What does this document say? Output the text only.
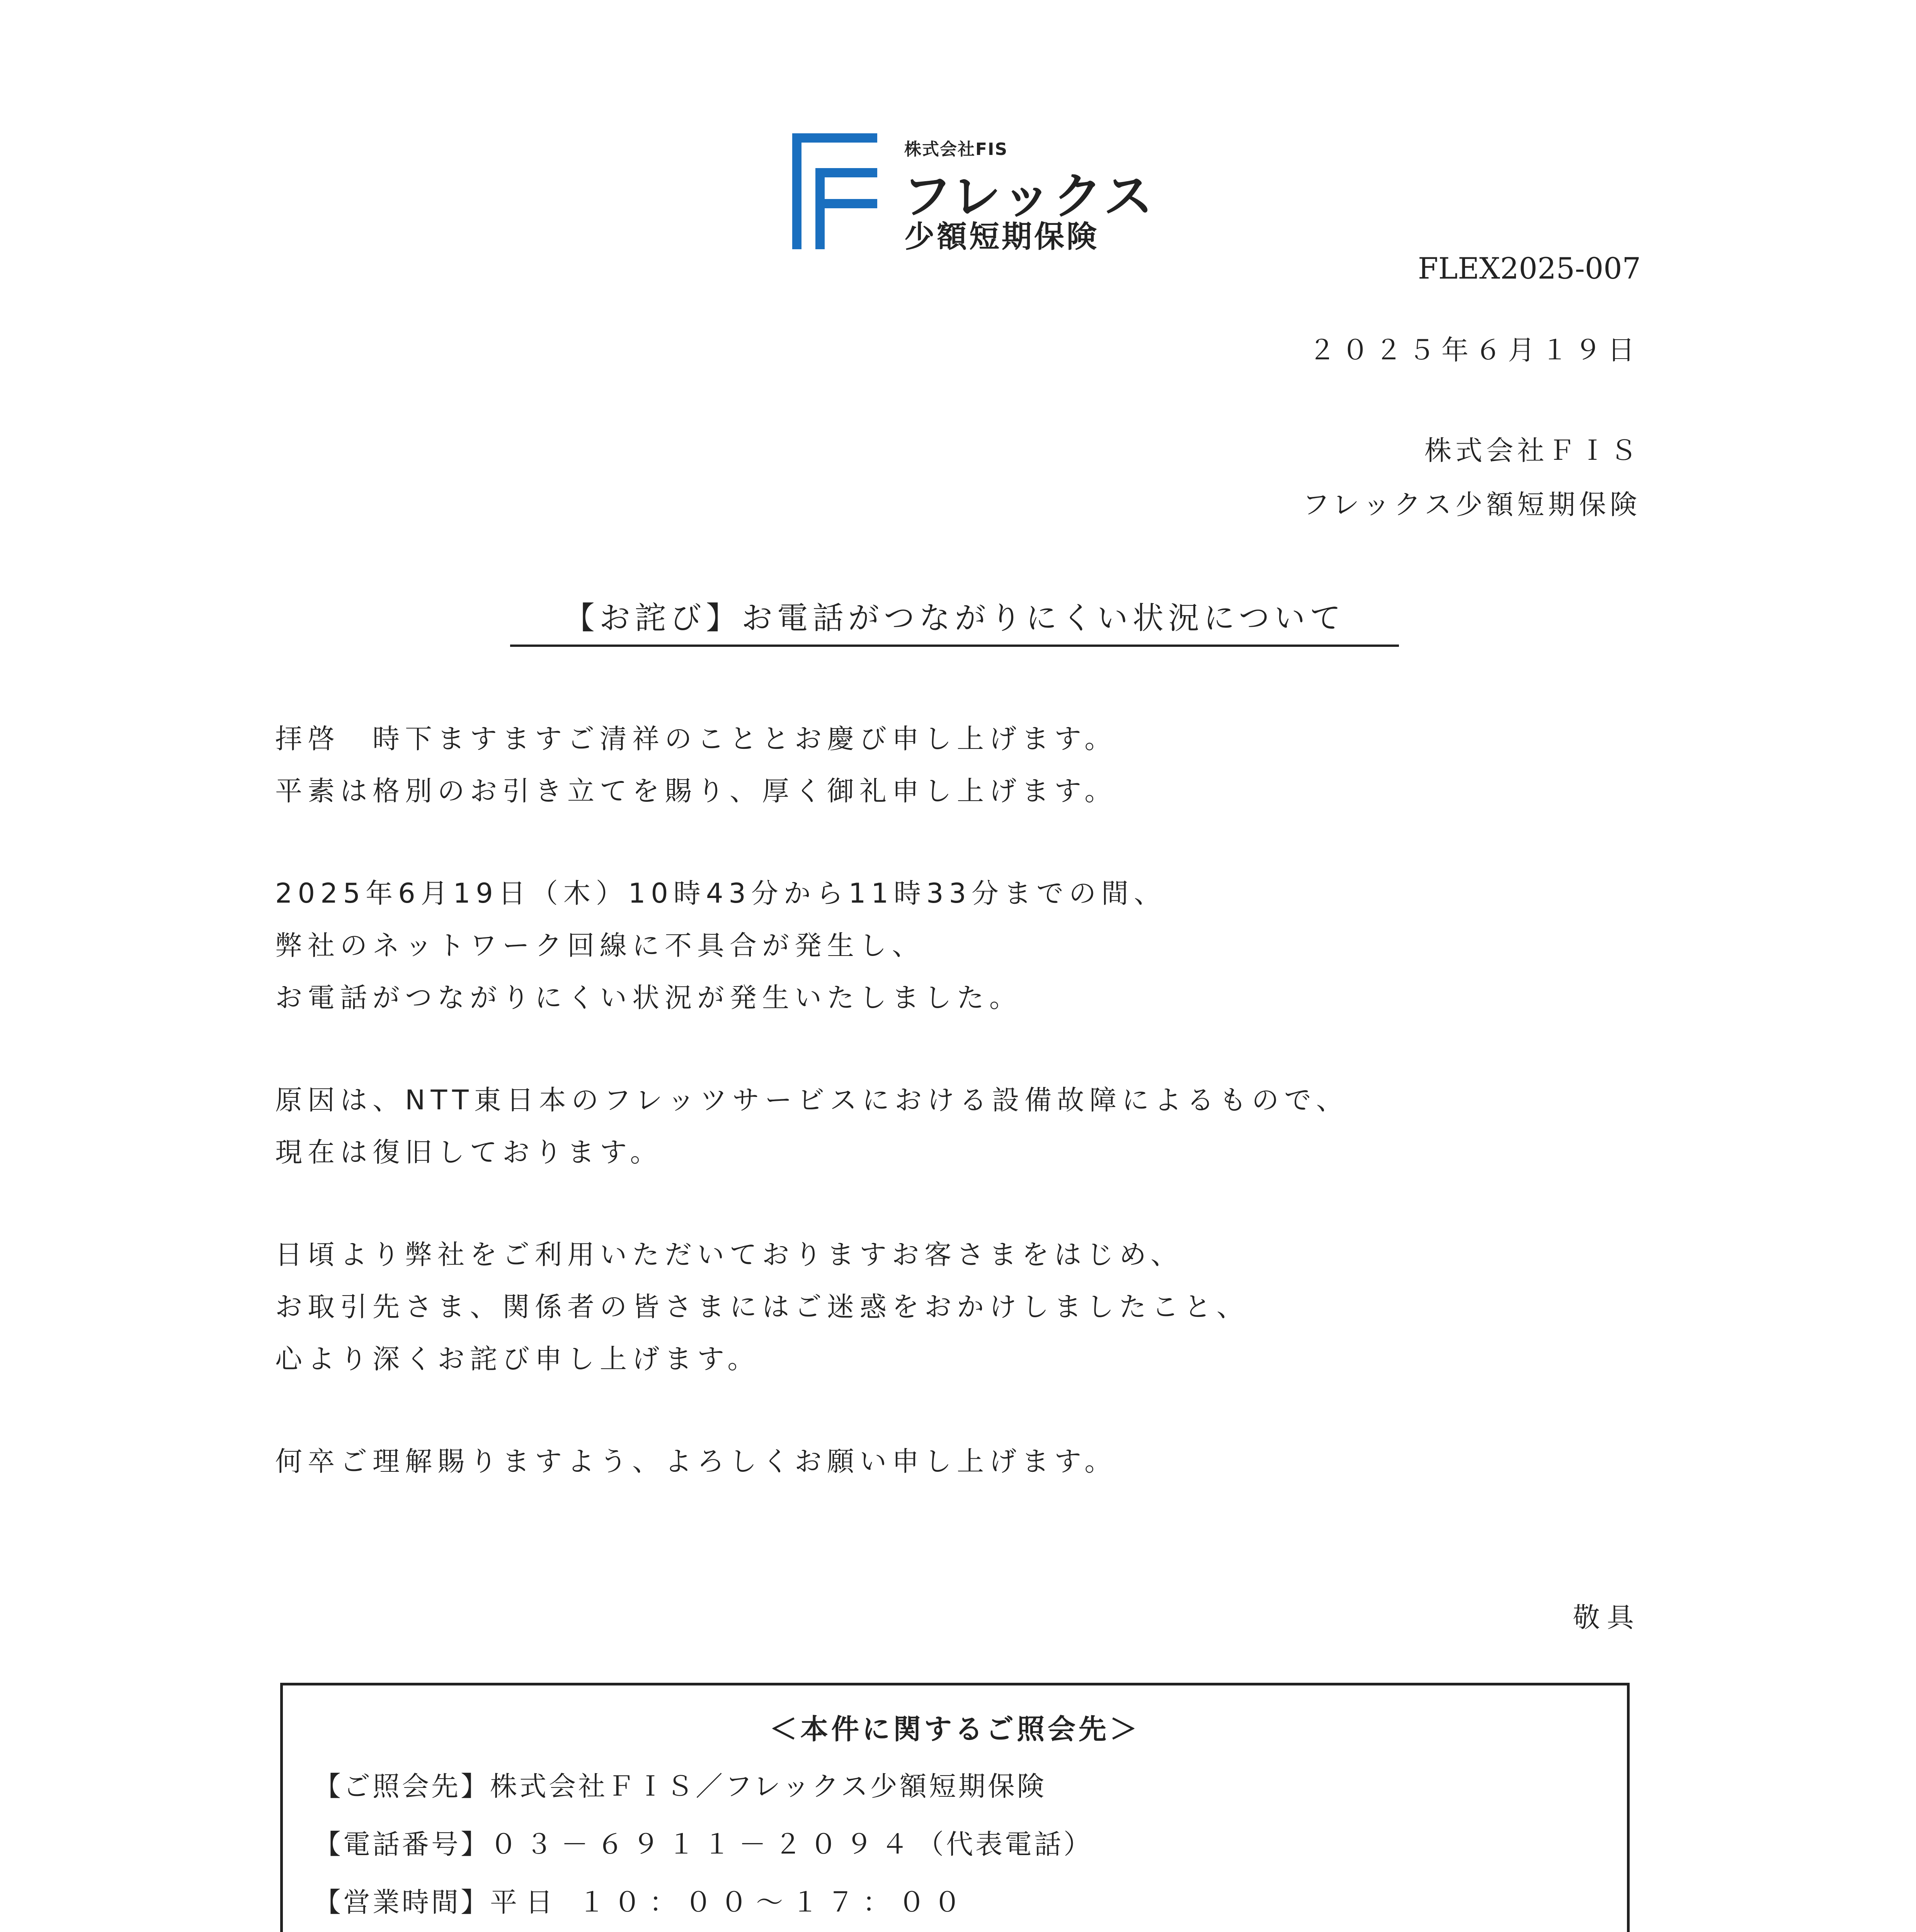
株式会社FIS
フレックス
少額短期保険
FLEX2025-007
２０２５年６月１９日
株式会社ＦＩＳ
フレックス少額短期保険
【お詫び】お電話がつながりにくい状況について
拝啓　時下ますますご清祥のこととお慶び申し上げます。
平素は格別のお引き立てを賜り、厚く御礼申し上げます。
2025年6月19日（木）10時43分から11時33分までの間、
弊社のネットワーク回線に不具合が発生し、
お電話がつながりにくい状況が発生いたしました。
原因は、NTT東日本のフレッツサービスにおける設備故障によるもので、
現在は復旧しております。
日頃より弊社をご利用いただいておりますお客さまをはじめ、
お取引先さま、関係者の皆さまにはご迷惑をおかけしましたこと、
心より深くお詫び申し上げます。
何卒ご理解賜りますよう、よろしくお願い申し上げます。
敬具
＜本件に関するご照会先＞
【ご照会先】株式会社ＦＩＳ／フレックス少額短期保険
【電話番号】０３－６９１１－２０９４（代表電話）
【営業時間】平日 １０：００～１７：００
